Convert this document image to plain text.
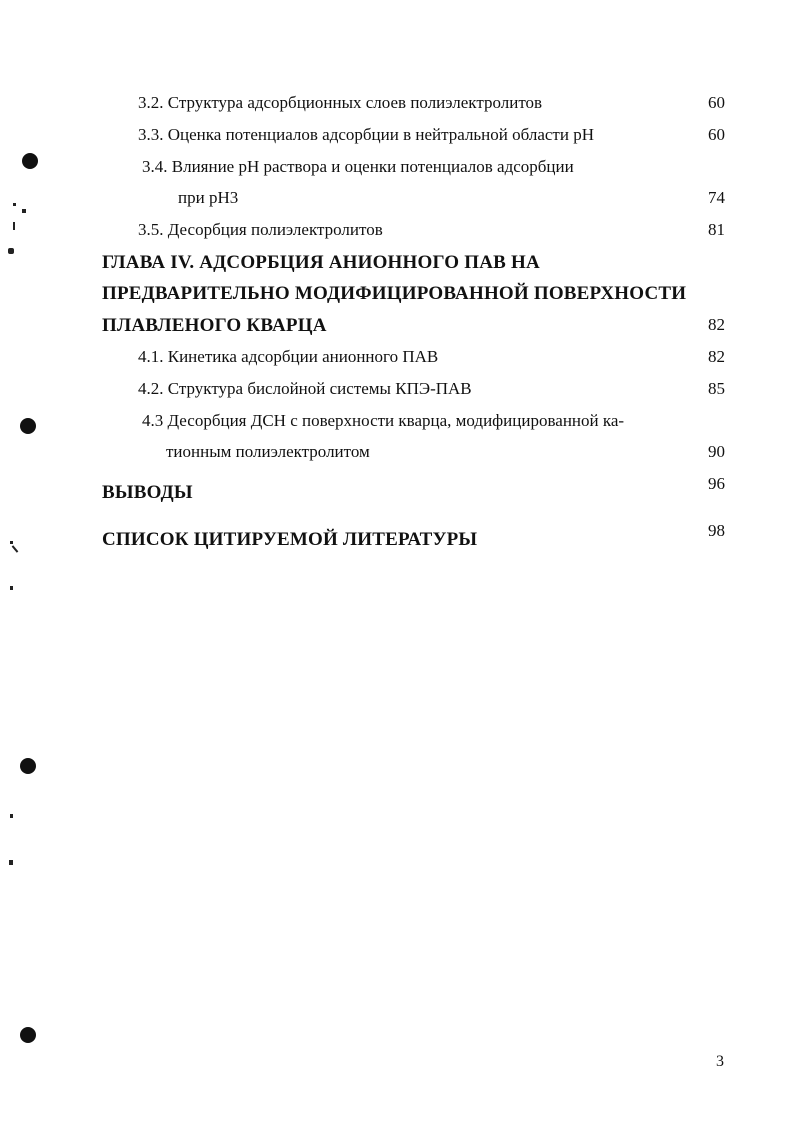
3.2. Структура адсорбционных слоев полиэлектролитов	60
3.3. Оценка потенциалов адсорбции в нейтральной области pH	60
3.4. Влияние pH раствора и оценки потенциалов адсорбции
при pH3	74
3.5. Десорбция полиэлектролитов	81
ГЛАВА IV. АДСОРБЦИЯ АНИОННОГО ПАВ НА
ПРЕДВАРИТЕЛЬНО МОДИФИЦИРОВАННОЙ ПОВЕРХНОСТИ
ПЛАВЛЕНОГО КВАРЦА	82
4.1. Кинетика адсорбции анионного ПАВ	82
4.2. Структура бислойной системы КПЭ-ПАВ	85
4.3 Десорбция ДСН с поверхности кварца, модифицированной ка-
тионным полиэлектролитом	90
ВЫВОДЫ	96
СПИСОК ЦИТИРУЕМОЙ ЛИТЕРАТУРЫ	98
3
